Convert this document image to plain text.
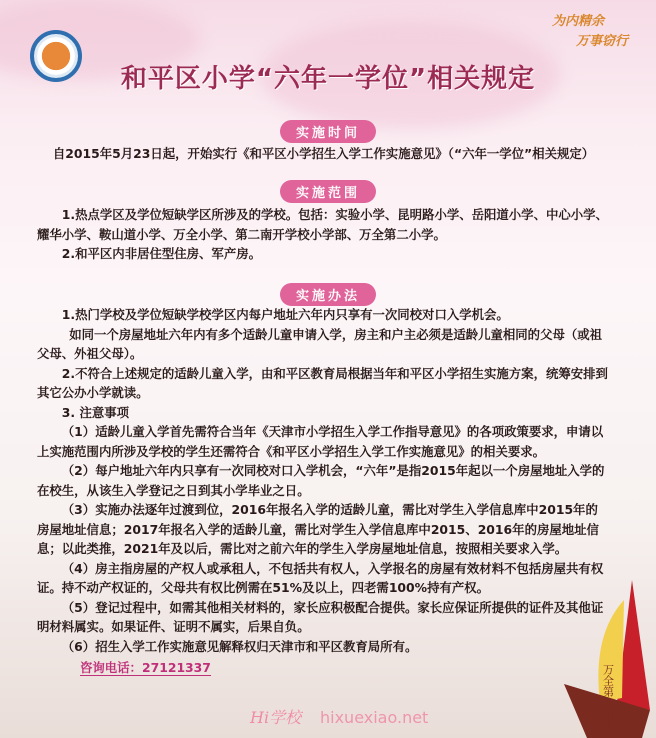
为内精余
万事窃行
和平区小学“六年一学位”相关规定
实施时间
自2015年5月23日起，开始实行《和平区小学招生入学工作实施意见》（“六年一学位”相关规定）
实施范围

1.热点学区及学位短缺学区所涉及的学校。包括：实验小学、昆明路小学、岳阳道小学、中心小学、耀华小学、鞍山道小学、万全小学、第二南开学校小学部、万全第二小学。

2.和平区内非居住型住房、军产房。

实施办法

1.热门学校及学位短缺学校学区内每户地址六年内只享有一次同校对口入学机会。

如同一个房屋地址六年内有多个适龄儿童申请入学，房主和户主必须是适龄儿童相同的父母（或祖父母、外祖父母）。

2.不符合上述规定的适龄儿童入学，由和平区教育局根据当年和平区小学招生实施方案，统筹安排到其它公办小学就读。

3. 注意事项

（1）适龄儿童入学首先需符合当年《天津市小学招生入学工作指导意见》的各项政策要求，申请以上实施范围内所涉及学校的学生还需符合《和平区小学招生入学工作实施意见》的相关要求。

（2）每户地址六年内只享有一次同校对口入学机会，“六年”是指2015年起以一个房屋地址入学的在校生，从该生入学登记之日到其小学毕业之日。

（3）实施办法逐年过渡到位，2016年报名入学的适龄儿童，需比对学生入学信息库中2015年的房屋地址信息；2017年报名入学的适龄儿童，需比对学生入学信息库中2015、2016年的房屋地址信息；以此类推，2021年及以后，需比对之前六年的学生入学房屋地址信息，按照相关要求入学。

（4）房主指房屋的产权人或承租人，不包括共有权人，入学报名的房屋有效材料不包括房屋共有权证。持不动产权证的，父母共有权比例需在51%及以上，四老需100%持有产权。

（5）登记过程中，如需其他相关材料的，家长应积极配合提供。家长应保证所提供的证件及其他证明材料属实。如果证件、证明不属实，后果自负。

（6）招生入学工作实施意见解释权归天津市和平区教育局所有。

咨询电话：27121337
Hi学校 hixuexiao.net	万全第二小学
